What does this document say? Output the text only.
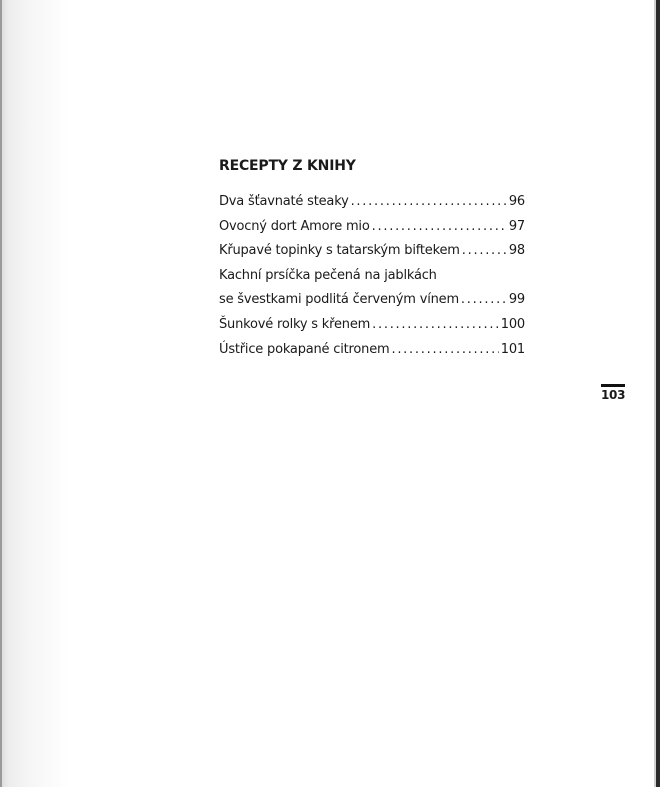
RECEPTY Z KNIHY
Dva šťavnaté steaky . . .	96
Ovocný dort Amore mio . . .	97
Křupavé topinky s tatarským biftekem . . .	98
Kachní prsíčka pečená na jablkách
se švestkami podlitá červeným vínem . . .	99
Šunkové rolky s křenem . . .	100
Ústřice pokapané citronem . . .	101
103
